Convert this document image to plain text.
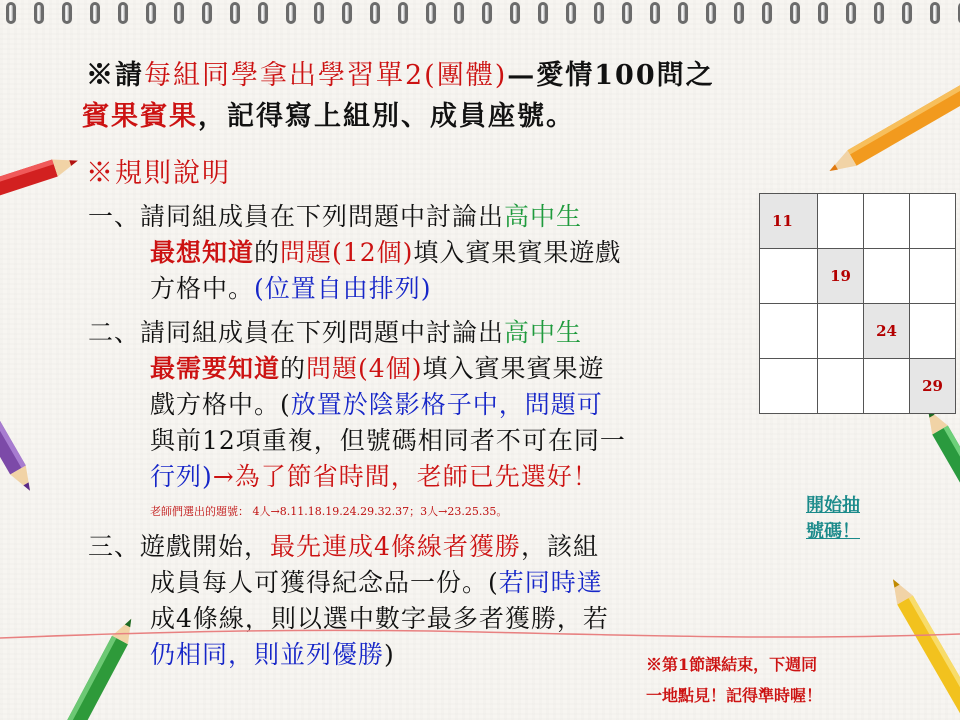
※請每組同學拿出學習單2(團體)—愛情100問之

賓果賓果，記得寫上組別、成員座號。

※規則說明

一、請同組成員在下列問題中討論出高中生

最想知道的問題(12個)填入賓果賓果遊戲

方格中。(位置自由排列)

二、請同組成員在下列問題中討論出高中生

最需要知道的問題(4個)填入賓果賓果遊

戲方格中。(放置於陰影格子中，問題可

與前12項重複，但號碼相同者不可在同一

行列)→為了節省時間，老師已先選好！

老師們選出的題號： 4人→8.11.18.19.24.29.32.37；3人→23.25.35。

三、遊戲開始，最先連成4條線者獲勝，該組

成員每人可獲得紀念品一份。(若同時達

成4條線，則以選中數字最多者獲勝，若

仍相同，則並列優勝)

11			
	19		
		24	
			29
開始抽
號碼！

※第1節課結束，下週同

一地點見！記得準時喔！
